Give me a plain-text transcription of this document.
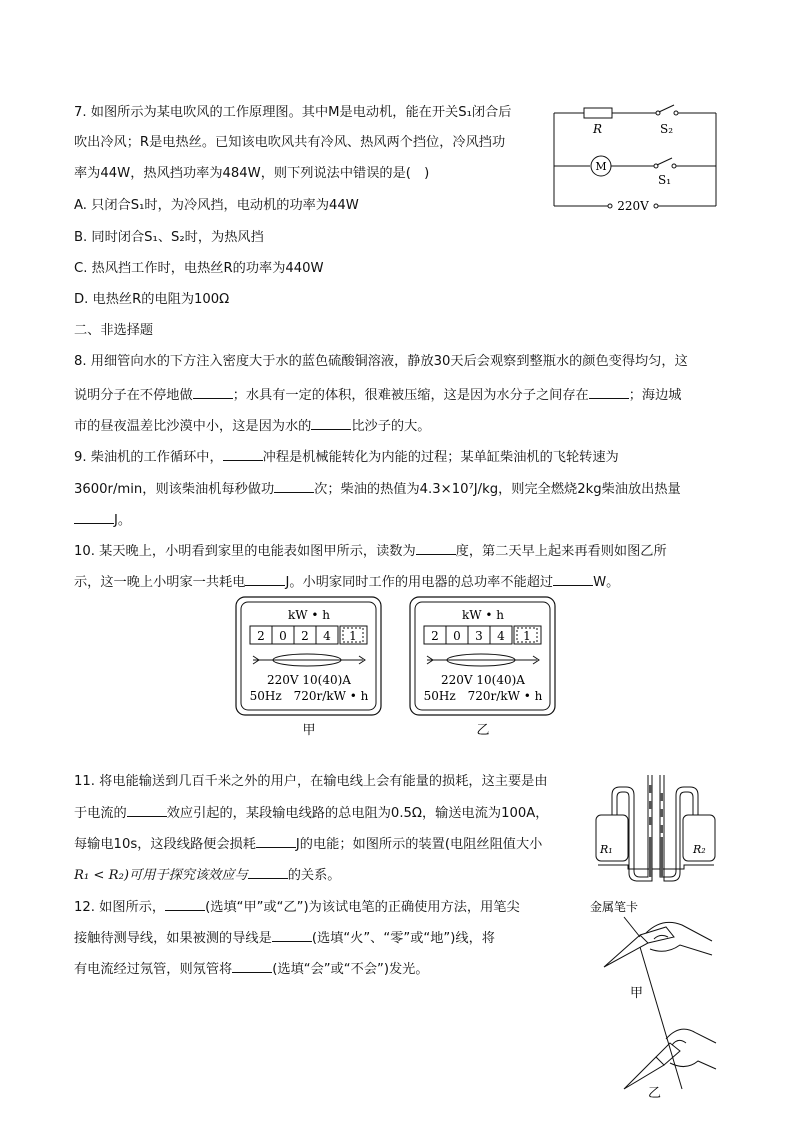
7. 如图所示为某电吹风的工作原理图。其中M是电动机，能在开关S₁闭合后
吹出冷风；R是电热丝。已知该电吹风共有冷风、热风两个挡位，冷风挡功
率为44W，热风挡功率为484W，则下列说法中错误的是(　)
A. 只闭合S₁时，为冷风挡，电动机的功率为44W
B. 同时闭合S₁、S₂时，为热风挡
C. 热风挡工作时，电热丝R的功率为440W
D. 电热丝R的电阻为100Ω
R	S₂
M
S₁
220V
二、非选择题
8. 用细管向水的下方注入密度大于水的蓝色硫酸铜溶液，静放30天后会观察到整瓶水的颜色变得均匀，这
说明分子在不停地做	；水具有一定的体积，很难被压缩，这是因为水分子之间存在	；海边城
市的昼夜温差比沙漠中小，这是因为水的	比沙子的大。
9. 柴油机的工作循环中，	冲程是机械能转化为内能的过程；某单缸柴油机的飞轮转速为
3600r/min，则该柴油机每秒做功	次；柴油的热值为4.3×10⁷J/kg，则完全燃烧2kg柴油放出热量
J。
10. 某天晚上，小明看到家里的电能表如图甲所示，读数为	度，第二天早上起来再看则如图乙所
示，这一晚上小明家一共耗电	J。小明家同时工作的用电器的总功率不能超过	W。
kW • h
2 0 2 4 1
220V 10(40)A
50Hz　720r/kW • h
甲
kW • h
2 0 3 4 1
220V 10(40)A
50Hz　720r/kW • h
乙
11. 将电能输送到几百千米之外的用户，在输电线上会有能量的损耗，这主要是由
于电流的	效应引起的，某段输电线路的总电阻为0.5Ω，输送电流为100A，
每输电10s，这段线路便会损耗	J的电能；如图所示的装置(电阻丝阻值大小
R₁ < R₂)可用于探究该效应与	的关系。
R₁	R₂
12. 如图所示，	(选填“甲”或“乙”)为该试电笔的正确使用方法，用笔尖
接触待测导线，如果被测的导线是	(选填“火”、“零”或“地”)线，将
有电流经过氖管，则氖管将	(选填“会”或“不会”)发光。
金属笔卡
甲
乙
